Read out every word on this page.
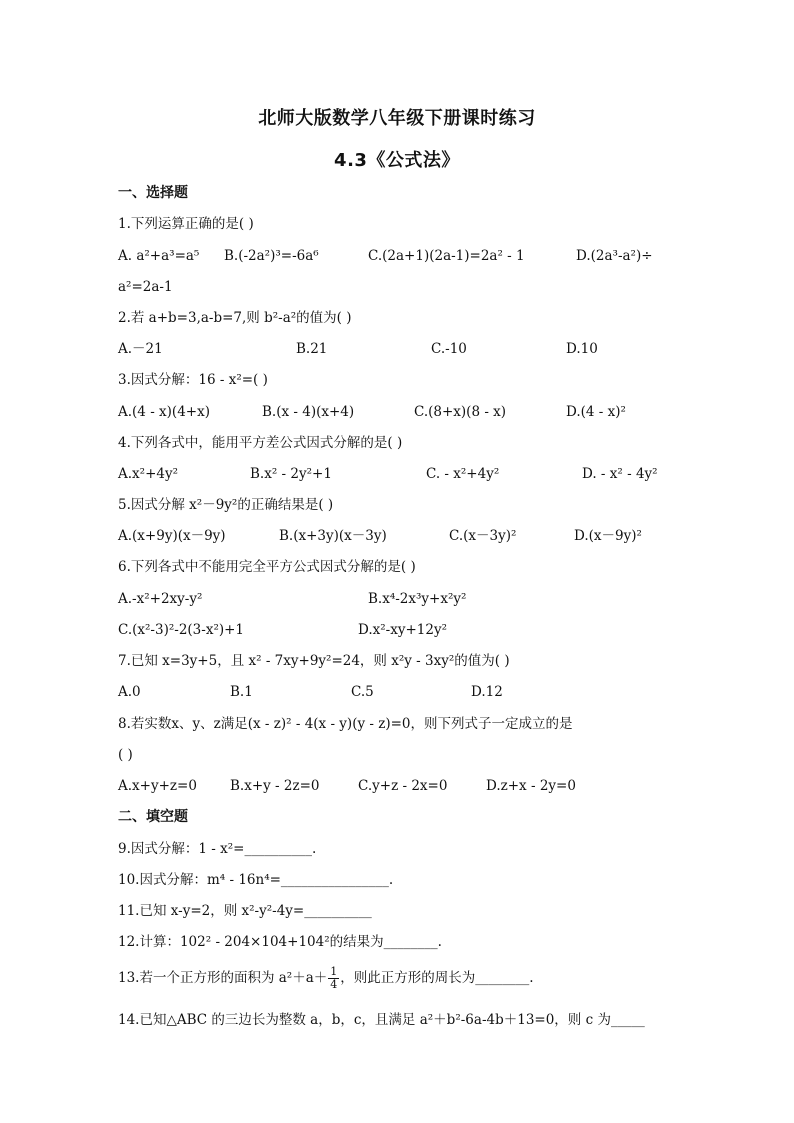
北师大版数学八年级下册课时练习
4.3《公式法》
一、选择题
1.下列运算正确的是( )
A. a²+a³=a⁵ B.(-2a²)³=-6a⁶	C.(2a+1)(2a-1)=2a² - 1	D.(2a³-a²)÷
a²=2a-1
2.若 a+b=3,a-b=7,则 b²-a²的值为( )
A.－21	B.21	C.-10	D.10
3.因式分解：16 - x²=( )
A.(4 - x)(4+x)	B.(x - 4)(x+4)	C.(8+x)(8 - x)	D.(4 - x)²
4.下列各式中，能用平方差公式因式分解的是( )
A.x²+4y²	B.x² - 2y²+1	C. - x²+4y²	D. - x² - 4y²
5.因式分解 x²－9y²的正确结果是( )
A.(x+9y)(x－9y)	B.(x+3y)(x－3y)	C.(x－3y)²	D.(x－9y)²
6.下列各式中不能用完全平方公式因式分解的是( )
A.-x²+2xy-y²	B.x⁴-2x³y+x²y²
C.(x²-3)²-2(3-x²)+1	D.x²-xy+12y²
7.已知 x=3y+5，且 x² - 7xy+9y²=24，则 x²y - 3xy²的值为( )
A.0	B.1	C.5	D.12
8.若实数x、y、z满足(x - z)² - 4(x - y)(y - z)=0，则下列式子一定成立的是
( )
A.x+y+z=0 B.x+y - 2z=0	C.y+z - 2x=0	D.z+x - 2y=0
二、填空题
9.因式分解：1 - x²=__________.
10.因式分解：m⁴ - 16n⁴=________________.
11.已知 x-y=2，则 x²-y²-4y=__________
12.计算：102² - 204×104+104²的结果为________.
13.若一个正方形的面积为 $a^2+a+ \frac{1}{4}$ ，则此正方形的周长为________.
14.已知△ABC 的三边长为整数 a，b，c，且满足 a²＋b²-6a-4b＋13=0，则 c 为_____
